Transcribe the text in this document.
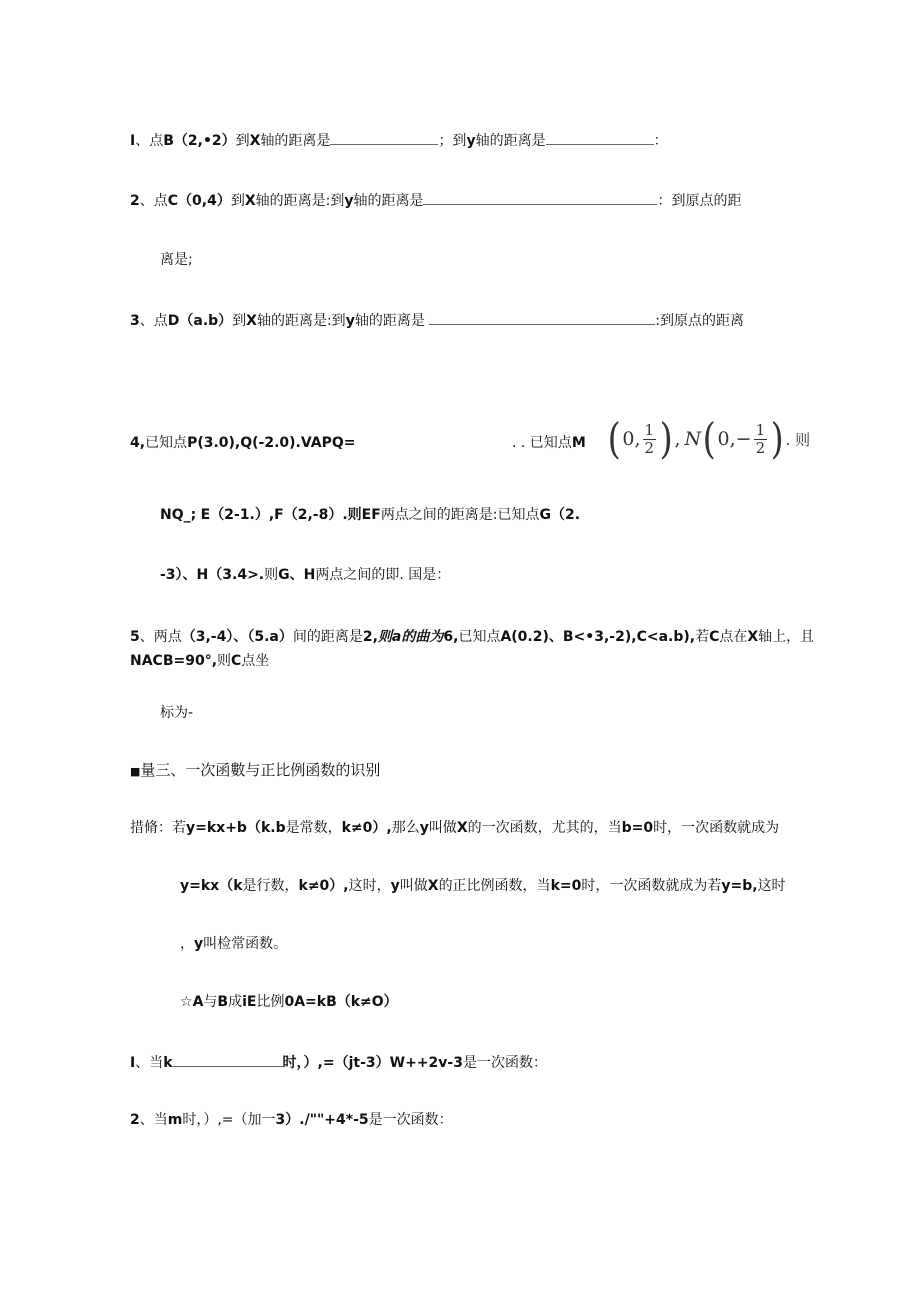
I、点B（2,•2）到X轴的距离是	；到y轴的距离是	：
2、点C（0,4）到X轴的距离是:到y轴的距离是	：到原点的距
离是;
3、点D（a.b）到X轴的距离是:到y轴的距离是	:到原点的距离
4,已知点P(3.0),Q(-2.0).VAPQ=	. . 已知点M ( 0, $\frac{1}{2}$ ) , N ( $0,- \frac{1}{2}$ ) . 则
NQ_; E（2-1.）,F（2,-8）.则EF两点之间的距离是:已知点G（2.
-3）、H（3.4>.则G、H两点之间的即. 国是：
5、两点（3,-4）、（5.a）间的距离是2,则a的曲为6,已知点A(0.2)、B<•3,-2),C<a.b),若C点在X轴上，且
NACB=90°,则C点坐
标为-
■量三、一次函數与正比例函数的识别
措脩：若y=kx+b（k.b是常数，k≠0）,那么y叫做X的一次函数，尤其的，当b=0时，一次函数就成为
y=kx（k是行数，k≠0）,这时，y叫做X的正比例函数，当k=0时，一次函数就成为若y=b,这时
，y叫检常函数。
☆A与B成iE比例0A=kB（k≠O）
I、当k	时，）,=（jt-3）W++2v-3是一次函数：
2、当m时，）,=（加一3）./""+4*-5是一次函数：
